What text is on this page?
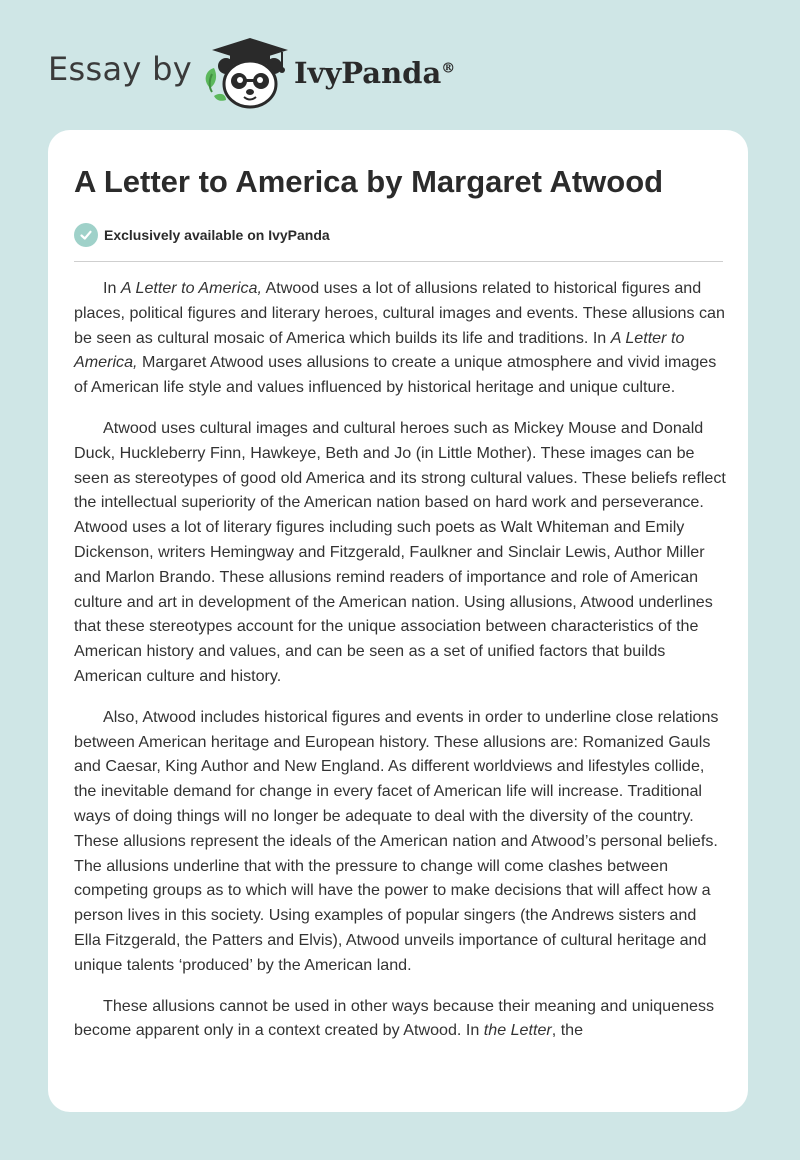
Essay by	IvyPanda®
A Letter to America by Margaret Atwood
Exclusively available on IvyPanda

In A Letter to America, Atwood uses a lot of allusions related to historical figures and places, political figures and literary heroes, cultural images and events. These allusions can be seen as cultural mosaic of America which builds its life and traditions. In A Letter to America, Margaret Atwood uses allusions to create a unique atmosphere and vivid images of American life style and values influenced by historical heritage and unique culture.

Atwood uses cultural images and cultural heroes such as Mickey Mouse and Donald Duck, Huckleberry Finn, Hawkeye, Beth and Jo (in Little Mother). These images can be seen as stereotypes of good old America and its strong cultural values. These beliefs reflect the intellectual superiority of the American nation based on hard work and perseverance. Atwood uses a lot of literary figures including such poets as Walt Whiteman and Emily Dickenson, writers Hemingway and Fitzgerald, Faulkner and Sinclair Lewis, Author Miller and Marlon Brando. These allusions remind readers of importance and role of American culture and art in development of the American nation. Using allusions, Atwood underlines that these stereotypes account for the unique association between characteristics of the American history and values, and can be seen as a set of unified factors that builds American culture and history.

Also, Atwood includes historical figures and events in order to underline close relations between American heritage and European history. These allusions are: Romanized Gauls and Caesar, King Author and New England. As different worldviews and lifestyles collide, the inevitable demand for change in every facet of American life will increase. Traditional ways of doing things will no longer be adequate to deal with the diversity of the country. These allusions represent the ideals of the American nation and Atwood’s personal beliefs. The allusions underline that with the pressure to change will come clashes between competing groups as to which will have the power to make decisions that will affect how a person lives in this society. Using examples of popular singers (the Andrews sisters and Ella Fitzgerald, the Patters and Elvis), Atwood unveils importance of cultural heritage and unique talents ‘produced’ by the American land.

These allusions cannot be used in other ways because their meaning and uniqueness become apparent only in a context created by Atwood. In the Letter, the
